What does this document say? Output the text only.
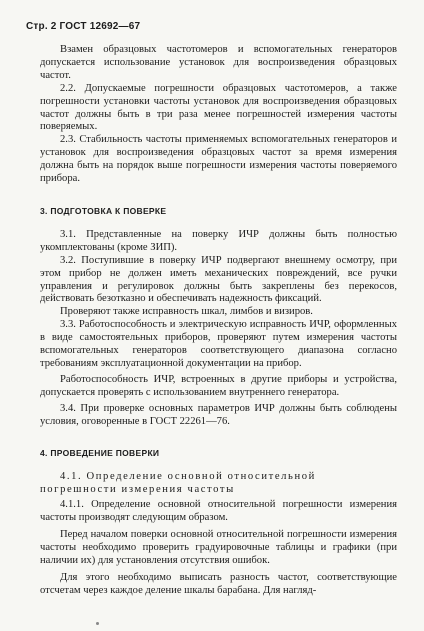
Стр. 2 ГОСТ 12692—67

Взамен образцовых частотомеров и вспомогательных генераторов допускается использование установок для воспроизведения образцовых частот.

2.2. Допускаемые погрешности образцовых частотомеров, а также погрешности установки частоты установок для воспроизведения образцовых частот должны быть в три раза менее погрешностей измерения частоты поверяемых.

2.3. Стабильность частоты применяемых вспомогательных генераторов и установок для воспроизведения образцовых частот за время измерения должна быть на порядок выше погрешности измерения частоты поверяемого прибора.

3. ПОДГОТОВКА К ПОВЕРКЕ

3.1. Представленные на поверку ИЧР должны быть полностью укомплектованы (кроме ЗИП).

3.2. Поступившие в поверку ИЧР подвергают внешнему осмотру, при этом прибор не должен иметь механических повреждений, все ручки управления и регулировок должны быть закреплены без перекосов, действовать безотказно и обеспечивать надежность фиксаций.

Проверяют также исправность шкал, лимбов и визиров.

3.3. Работоспособность и электрическую исправность ИЧР, оформленных в виде самостоятельных приборов, проверяют путем измерения частоты вспомогательных генераторов соответствующего диапазона согласно требованиям эксплуатационной документации на прибор.

Работоспособность ИЧР, встроенных в другие приборы и устройства, допускается проверять с использованием внутреннего генератора.

3.4. При проверке основных параметров ИЧР должны быть соблюдены условия, оговоренные в ГОСТ 22261—76.

4. ПРОВЕДЕНИЕ ПОВЕРКИ

4.1. Определение основной относительной погрешности измерения частоты

4.1.1. Определение основной относительной погрешности измерения частоты производят следующим образом.

Перед началом поверки основной относительной погрешности измерения частоты необходимо проверить градуировочные таблицы и графики (при наличии их) для установления отсутствия ошибок.

Для этого необходимо выписать разность частот, соответствующие отсчетам через каждое деление шкалы барабана. Для нагляд-
